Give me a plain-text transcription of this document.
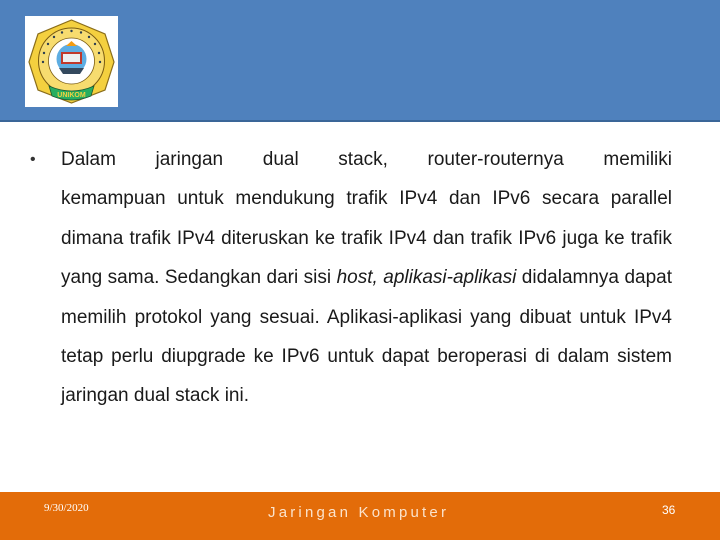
UNIKOM
• Dalam jaringan dual stack, router-routernya memiliki
kemampuan untuk mendukung trafik IPv4 dan IPv6 secara parallel dimana trafik IPv4 diteruskan ke trafik IPv4 dan trafik IPv6 juga ke trafik yang sama. Sedangkan dari sisi host, aplikasi-aplikasi didalamnya dapat memilih protokol yang sesuai. Aplikasi-aplikasi yang dibuat untuk IPv4 tetap perlu diupgrade ke IPv6 untuk dapat beroperasi di dalam sistem jaringan dual stack ini.
9/30/2020	Jaringan Komputer	36
